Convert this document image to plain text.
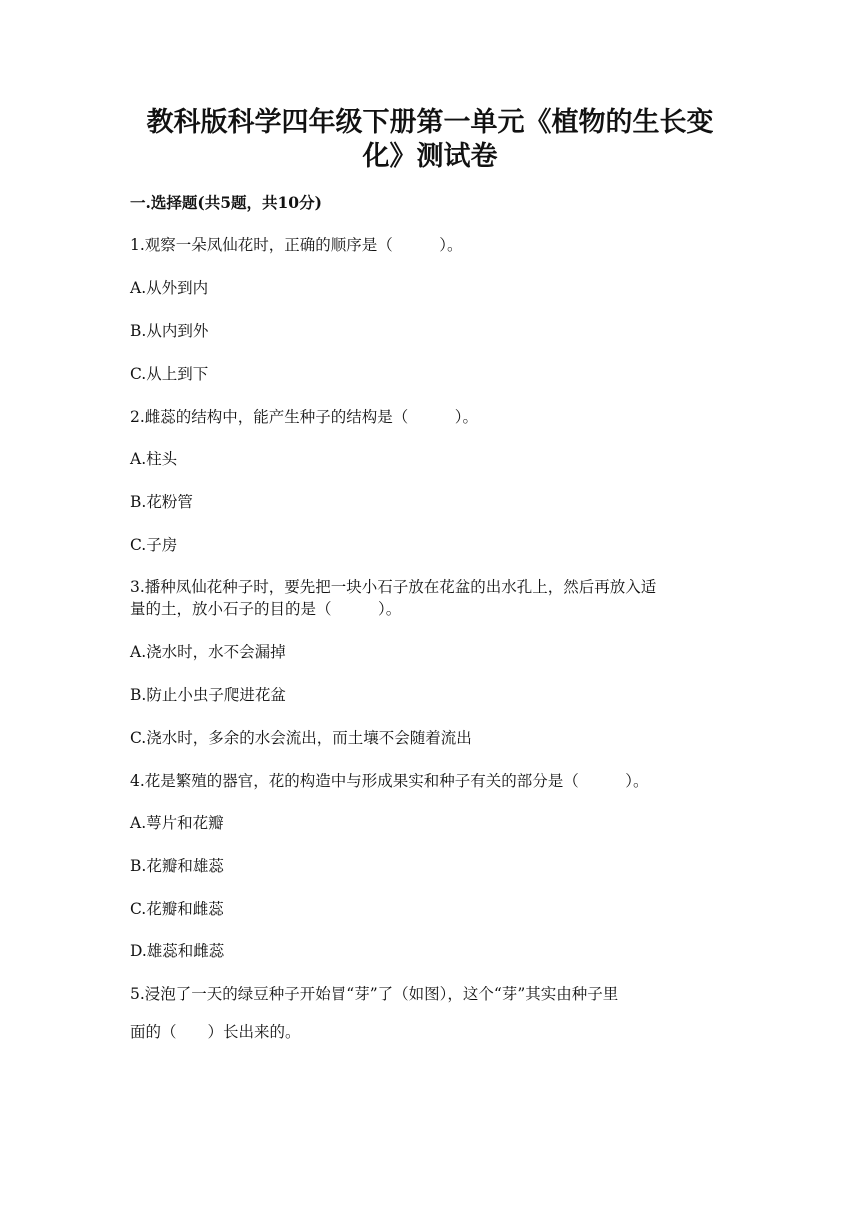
教科版科学四年级下册第一单元《植物的生长变
化》测试卷
一.选择题(共5题，共10分)
1.观察一朵凤仙花时，正确的顺序是（　　　）。
A.从外到内
B.从内到外
C.从上到下
2.雌蕊的结构中，能产生种子的结构是（　　　）。
A.柱头
B.花粉管
C.子房
3.播种凤仙花种子时，要先把一块小石子放在花盆的出水孔上，然后再放入适
量的土，放小石子的目的是（　　　）。
A.浇水时，水不会漏掉
B.防止小虫子爬进花盆
C.浇水时，多余的水会流出，而土壤不会随着流出
4.花是繁殖的器官，花的构造中与形成果实和种子有关的部分是（　　　）。
A.萼片和花瓣
B.花瓣和雄蕊
C.花瓣和雌蕊
D.雄蕊和雌蕊
5.浸泡了一天的绿豆种子开始冒“芽”了（如图），这个“芽”其实由种子里
面的（　　）长出来的。
